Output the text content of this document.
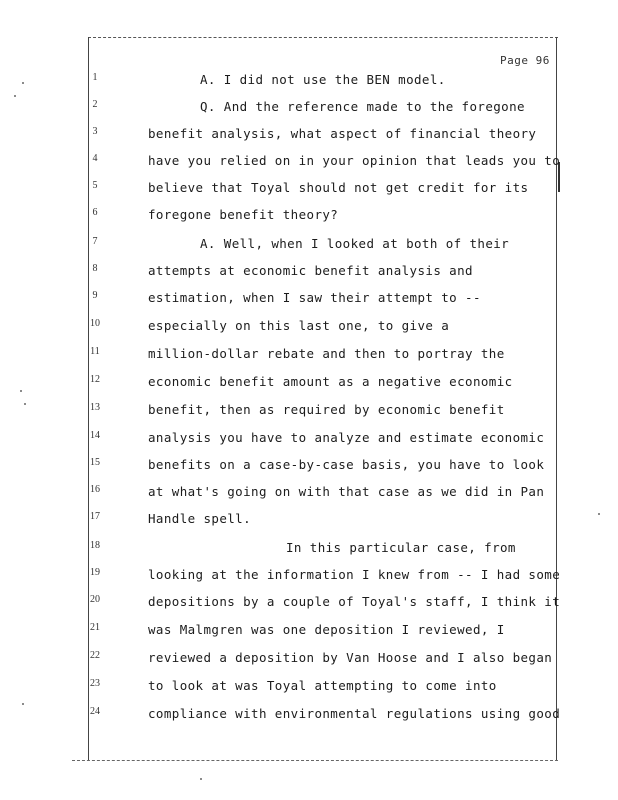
Page 96
1	A. I did not use the BEN model.
2	Q. And the reference made to the foregone
3	benefit analysis, what aspect of financial theory
4	have you relied on in your opinion that leads you to
5	believe that Toyal should not get credit for its
6	foregone benefit theory?
7	A. Well, when I looked at both of their
8	attempts at economic benefit analysis and
9	estimation, when I saw their attempt to --
10	especially on this last one, to give a
11	million-dollar rebate and then to portray the
12	economic benefit amount as a negative economic
13	benefit, then as required by economic benefit
14	analysis you have to analyze and estimate economic
15	benefits on a case-by-case basis, you have to look
16	at what's going on with that case as we did in Pan
17	Handle spell.
18	In this particular case, from
19	looking at the information I knew from -- I had some
20	depositions by a couple of Toyal's staff, I think it
21	was Malmgren was one deposition I reviewed, I
22	reviewed a deposition by Van Hoose and I also began
23	to look at was Toyal attempting to come into
24	compliance with environmental regulations using good
